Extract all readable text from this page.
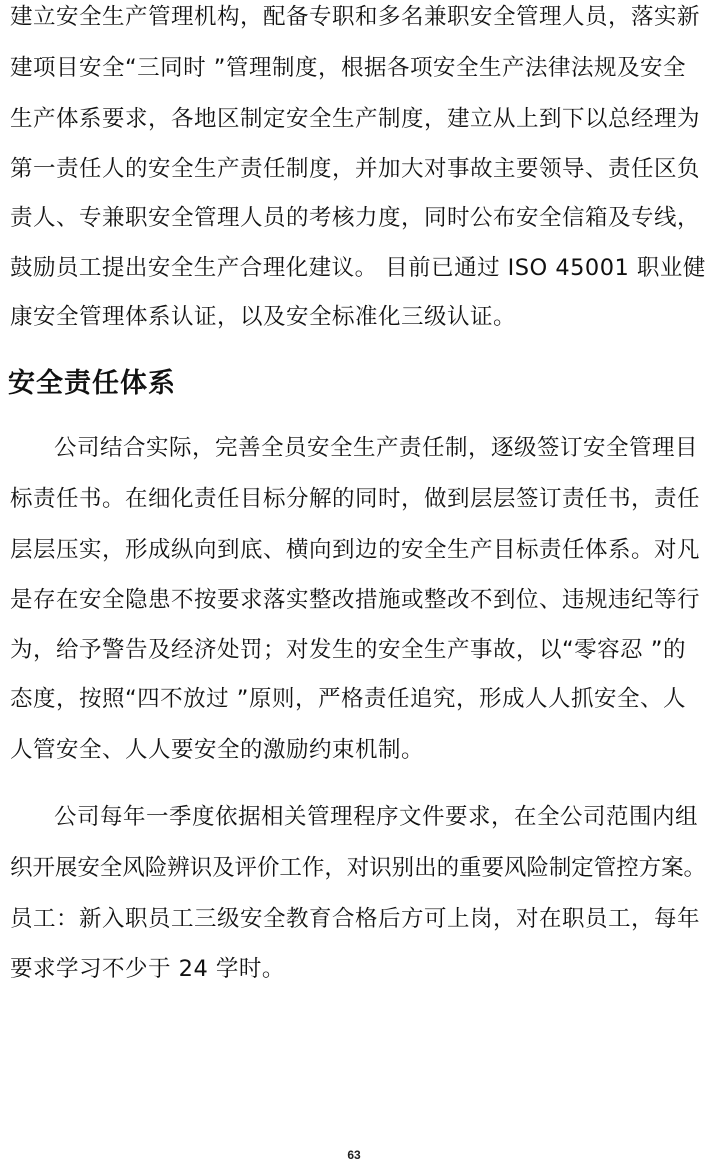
建立安全生产管理机构，配备专职和多名兼职安全管理人员，落实新
建项目安全“三同时 ”管理制度，根据各项安全生产法律法规及安全
生产体系要求，各地区制定安全生产制度，建立从上到下以总经理为
第一责任人的安全生产责任制度，并加大对事故主要领导、责任区负
责人、专兼职安全管理人员的考核力度，同时公布安全信箱及专线，
鼓励员工提出安全生产合理化建议。 目前已通过 ISO 45001 职业健
康安全管理体系认证，以及安全标准化三级认证。
安全责任体系
公司结合实际，完善全员安全生产责任制，逐级签订安全管理目
标责任书。在细化责任目标分解的同时，做到层层签订责任书，责任
层层压实，形成纵向到底、横向到边的安全生产目标责任体系。对凡
是存在安全隐患不按要求落实整改措施或整改不到位、违规违纪等行
为，给予警告及经济处罚；对发生的安全生产事故，以“零容忍 ”的
态度，按照“四不放过 ”原则，严格责任追究，形成人人抓安全、人
人管安全、人人要安全的激励约束机制。
公司每年一季度依据相关管理程序文件要求，在全公司范围内组
织开展安全风险辨识及评价工作，对识别出的重要风险制定管控方案。
员工：新入职员工三级安全教育合格后方可上岗，对在职员工，每年
要求学习不少于 24 学时。
63
